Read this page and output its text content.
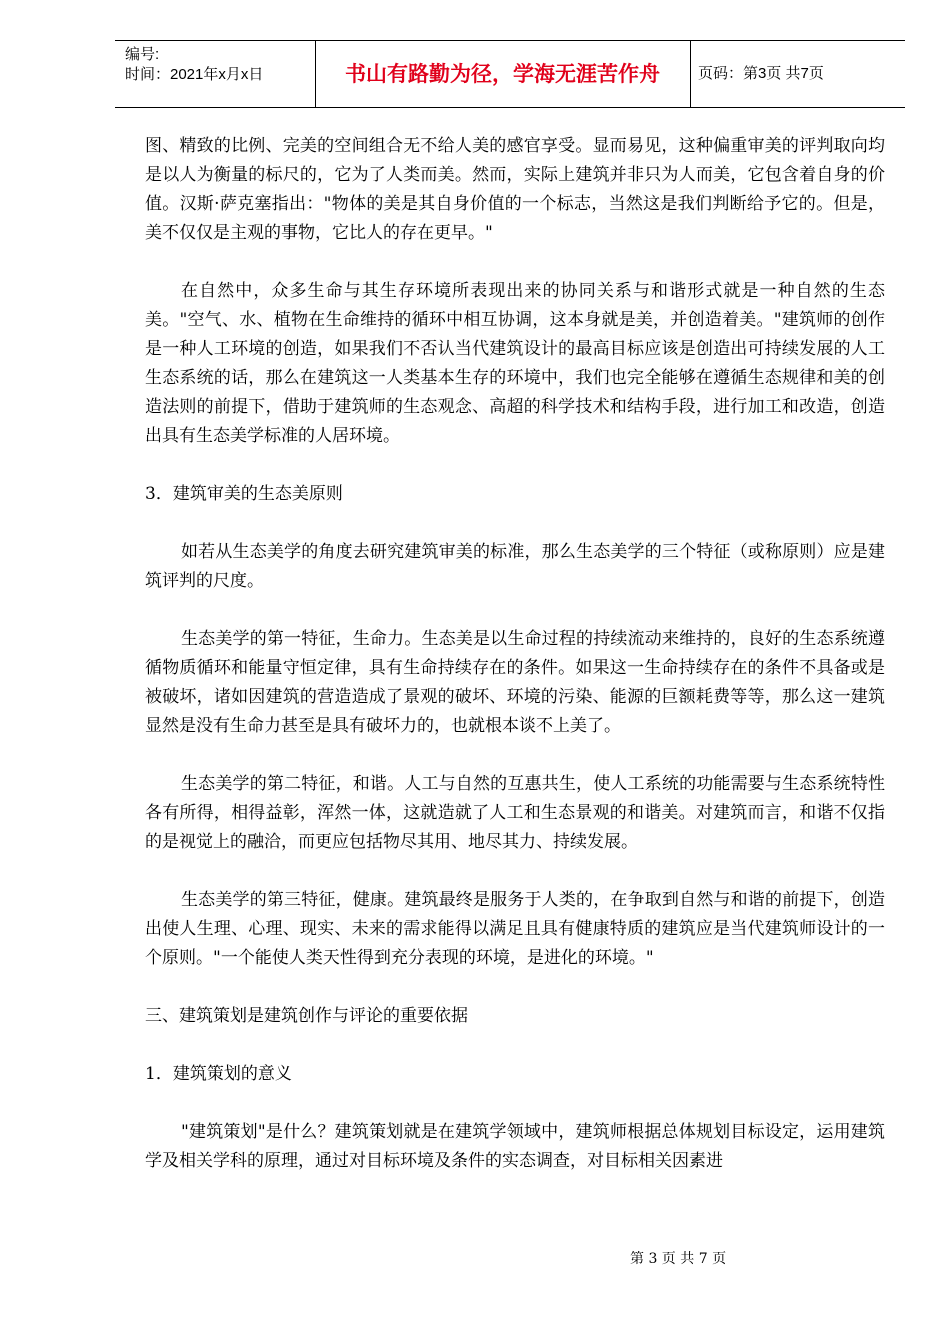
编号:
时间：2021年x月x日	书山有路勤为径，学海无涯苦作舟	页码：第3页 共7页

图、精致的比例、完美的空间组合无不给人美的感官享受。显而易见，这种偏重审美的评判取向均是以人为衡量的标尺的，它为了人类而美。然而，实际上建筑并非只为人而美，它包含着自身的价值。汉斯·萨克塞指出："物体的美是其自身价值的一个标志，当然这是我们判断给予它的。但是，美不仅仅是主观的事物，它比人的存在更早。"

在自然中，众多生命与其生存环境所表现出来的协同关系与和谐形式就是一种自然的生态美。"空气、水、植物在生命维持的循环中相互协调，这本身就是美，并创造着美。"建筑师的创作是一种人工环境的创造，如果我们不否认当代建筑设计的最高目标应该是创造出可持续发展的人工生态系统的话，那么在建筑这一人类基本生存的环境中，我们也完全能够在遵循生态规律和美的创造法则的前提下，借助于建筑师的生态观念、高超的科学技术和结构手段，进行加工和改造，创造出具有生态美学标准的人居环境。

3．建筑审美的生态美原则

如若从生态美学的角度去研究建筑审美的标准，那么生态美学的三个特征（或称原则）应是建筑评判的尺度。

生态美学的第一特征，生命力。生态美是以生命过程的持续流动来维持的，良好的生态系统遵循物质循环和能量守恒定律，具有生命持续存在的条件。如果这一生命持续存在的条件不具备或是被破坏，诸如因建筑的营造造成了景观的破坏、环境的污染、能源的巨额耗费等等，那么这一建筑显然是没有生命力甚至是具有破坏力的，也就根本谈不上美了。

生态美学的第二特征，和谐。人工与自然的互惠共生，使人工系统的功能需要与生态系统特性各有所得，相得益彰，浑然一体，这就造就了人工和生态景观的和谐美。对建筑而言，和谐不仅指的是视觉上的融洽，而更应包括物尽其用、地尽其力、持续发展。

生态美学的第三特征，健康。建筑最终是服务于人类的，在争取到自然与和谐的前提下，创造出使人生理、心理、现实、未来的需求能得以满足且具有健康特质的建筑应是当代建筑师设计的一个原则。"一个能使人类天性得到充分表现的环境，是进化的环境。"

三、建筑策划是建筑创作与评论的重要依据

1．建筑策划的意义

"建筑策划"是什么？建筑策划就是在建筑学领域中，建筑师根据总体规划目标设定，运用建筑学及相关学科的原理，通过对目标环境及条件的实态调查，对目标相关因素进

第 3 页 共 7 页
